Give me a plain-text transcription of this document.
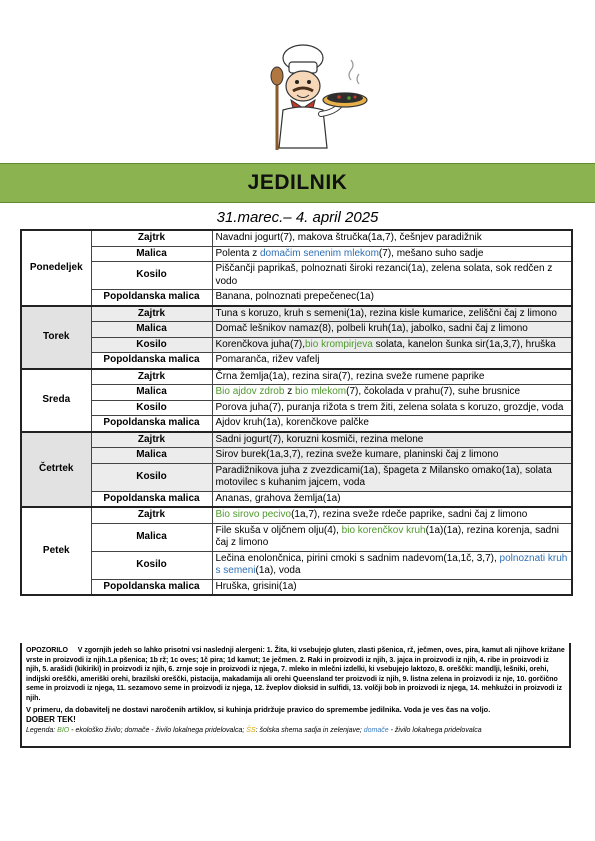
JEDILNIK
31.marec.– 4. april 2025
Ponedeljek	Zajtrk	Navadni jogurt(7), makova štručka(1a,7), češnjev paradižnik
	Malica	Polenta z domačim senenim mlekom(7), mešano suho sadje
	Kosilo	Piščančji paprikaš, polnoznati široki rezanci(1a), zelena solata, sok redčen z vodo
	Popoldanska malica	Banana, polnoznati prepečenec(1a)
Torek	Zajtrk	Tuna s koruzo, kruh s semeni(1a), rezina kisle kumarice, zeliščni čaj z limono
	Malica	Domač lešnikov namaz(8), polbeli kruh(1a), jabolko, sadni čaj z limono
	Kosilo	Korenčkova juha(7),bio krompirjeva solata, kanelon šunka sir(1a,3,7), hruška
	Popoldanska malica	Pomaranča, rižev vafelj
Sreda	Zajtrk	Črna žemlja(1a), rezina sira(7), rezina sveže rumene paprike
	Malica	Bio ajdov zdrob z bio mlekom(7), čokolada v prahu(7), suhe brusnice
	Kosilo	Porova juha(7), puranja rižota s trem žiti, zelena solata s koruzo, grozdje, voda
	Popoldanska malica	Ajdov kruh(1a), korenčkove palčke
Četrtek	Zajtrk	Sadni jogurt(7), koruzni kosmiči, rezina melone
	Malica	Sirov burek(1a,3,7), rezina sveže kumare, planinski čaj z limono
	Kosilo	Paradižnikova juha z zvezdicami(1a), špageta z Milansko omako(1a), solata motovilec s kuhanim jajcem, voda
	Popoldanska malica	Ananas, grahova žemlja(1a)
Petek	Zajtrk	Bio sirovo pecivo(1a,7), rezina sveže rdeče paprike, sadni čaj z limono
	Malica	File skuša v oljčnem olju(4), bio korenčkov kruh(1a)(1a), rezina korenja, sadni čaj z limono
	Kosilo	Lečina enolončnica, pirini cmoki s sadnim nadevom(1a,1č, 3,7), polnoznati kruh s semeni(1a), voda
	Popoldanska malica	Hruška, grisini(1a)
OPOZORILO V zgornjih jedeh so lahko prisotni vsi naslednji alergeni: 1. Žita, ki vsebujejo gluten, zlasti pšenica, rž, ječmen, oves, pira, kamut ali njihove križane vrste in proizvodi iz njih.1.a pšenica; 1b rž; 1c oves; 1č pira; 1d kamut; 1e ječmen. 2. Raki in proizvodi iz njih, 3. jajca in proizvodi iz njih, 4. ribe in proizvodi iz njih, 5. arašidi (kikiriki) in proizvodi iz njih, 6. zrnje soje in proizvodi iz njega, 7. mleko in mlečni izdelki, ki vsebujejo laktozo, 8. oreščki: mandlji, lešniki, orehi, indijski oreščki, ameriški orehi, brazilski oreščki, pistacija, makadamija ali orehi Queensland ter proizvodi iz njih, 9. listna zelena in proizvodi iz nje, 10. gorčično seme in proizvodi iz njega, 11. sezamovo seme in proizvodi iz njega, 12. žveplov dioksid in sulfidi, 13. volčji bob in proizvodi iz njega, 14. mehkužci in proizvodi iz njih.
V primeru, da dobavitelj ne dostavi naročenih artiklov, si kuhinja pridržuje pravico do spremembe jedilnika. Voda je ves čas na voljo.
DOBER TEK!
Legenda: BIO - ekološko živilo; domače - živilo lokalnega pridelovalca; ŠS: šolska shema sadja in zelenjave; domače - živilo lokalnega pridelovalca
